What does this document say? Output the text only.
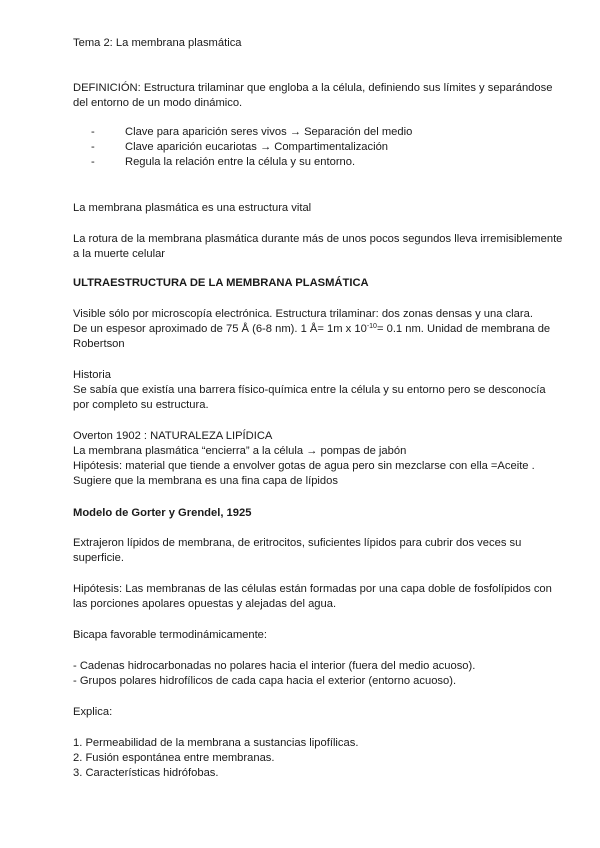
Tema 2: La membrana plasmática

DEFINICIÓN: Estructura trilaminar que engloba a la célula, definiendo sus límites y separándose del entorno de un modo dinámico.

- Clave para aparición seres vivos → Separación del medio
- Clave aparición eucariotas → Compartimentalización
- Regula la relación entre la célula y su entorno.

La membrana plasmática es una estructura vital

La rotura de la membrana plasmática durante más de unos pocos segundos lleva irremisiblemente a la muerte celular

ULTRAESTRUCTURA DE LA MEMBRANA PLASMÁTICA

Visible sólo por microscopía electrónica. Estructura trilaminar: dos zonas densas y una clara.

De un espesor aproximado de 75 Å (6-8 nm). 1 Å= 1m x $10^{-10}= 0.1$ nm. Unidad de membrana de Robertson

Historia

Se sabía que existía una barrera físico-química entre la célula y su entorno pero se desconocía por completo su estructura.

Overton 1902 : NATURALEZA LIPÍDICA

La membrana plasmática “encierra” a la célula → pompas de jabón

Hipótesis: material que tiende a envolver gotas de agua pero sin mezclarse con ella =Aceite .

Sugiere que la membrana es una fina capa de lípidos

Modelo de Gorter y Grendel, 1925

Extrajeron lípidos de membrana, de eritrocitos, suficientes lípidos para cubrir dos veces su superficie.

Hipótesis: Las membranas de las células están formadas por una capa doble de fosfolípidos con las porciones apolares opuestas y alejadas del agua.

Bicapa favorable termodinámicamente:

- Cadenas hidrocarbonadas no polares hacia el interior (fuera del medio acuoso).

- Grupos polares hidrofílicos de cada capa hacia el exterior (entorno acuoso).

Explica:

1. Permeabilidad de la membrana a sustancias lipofílicas.

2. Fusión espontánea entre membranas.

3. Características hidrófobas.
